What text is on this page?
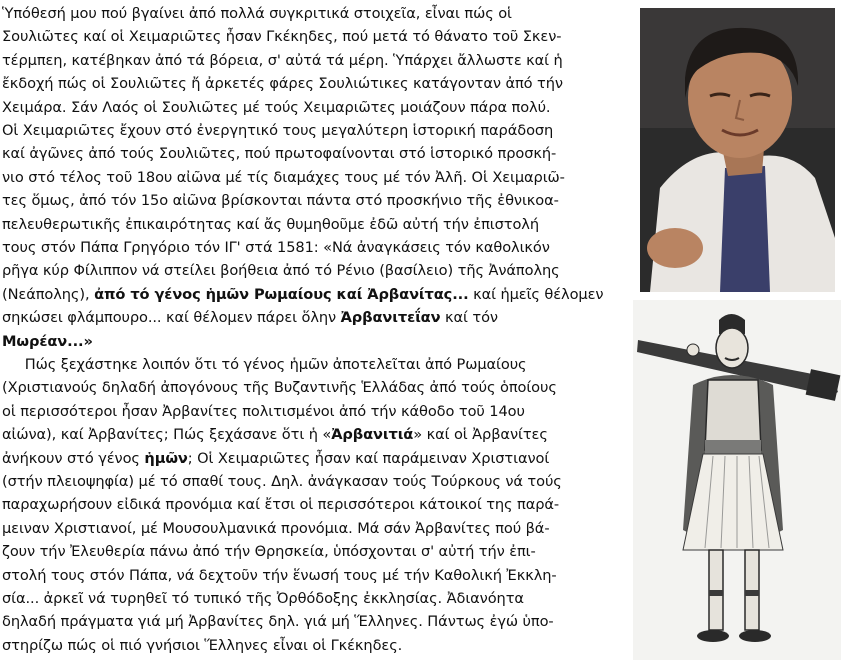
Ὑπόθεσή μου πού βγαίνει ἀπό πολλά συγκριτικά στοιχεῖα, εἶναι πώς οἱ
Σουλιῶτες καί οἱ Χειμαριῶτες ἦσαν Γκέκηδες, πού μετά τό θάνατο τοῦ Σκεν-
τέρμπεη, κατέβηκαν ἀπό τά βόρεια, σ' αὐτά τά μέρη. Ὑπάρχει ἄλλωστε καί ἡ
ἔκδοχή πώς οἱ Σουλιῶτες ἤ ἀρκετές φάρες Σουλιώτικες κατάγονταν ἀπό τήν
Χειμάρα. Σάν Λαός οἱ Σουλιῶτες μέ τούς Χειμαριῶτες μοιάζουν πάρα πολύ.
Οἱ Χειμαριῶτες ἔχουν στό ἐνεργητικό τους μεγαλύτερη ἱστορική παράδοση
καί ἀγῶνες ἀπό τούς Σουλιῶτες, πού πρωτοφαίνονται στό ἱστορικό προσκή-
νιο στό τέλος τοῦ 18ου αἰῶνα μέ τίς διαμάχες τους μέ τόν Ἀλῆ. Οἱ Χειμαριῶ-
τες ὅμως, ἀπό τόν 15ο αἰῶνα βρίσκονται πάντα στό προσκήνιο τῆς ἐθνικοα-
πελευθερωτικῆς ἐπικαιρότητας καί ἄς θυμηθοῦμε ἐδῶ αὐτή τήν ἐπιστολή
τους στόν Πάπα Γρηγόριο τόν ΙΓ' στά 1581: «Νά ἀναγκάσεις τόν καθολικόν
ρῆγα κύρ Φίλιππον νά στείλει βοήθεια ἀπό τό Ρένιο (βασίλειο) τῆς Ἀνάπολης
(Νεάπολης), ἀπό τό γένος ἡμῶν Ρωμαίους καί Ἀρβανίτας... καί ἡμεῖς θέλομεν
σηκώσει φλάμπουρο... καί θέλομεν πάρει ὅλην Ἀρβανιτεΐαν καί τόν
Μωρέαν...»
Πώς ξεχάστηκε λοιπόν ὅτι τό γένος ἡμῶν ἀποτελεῖται ἀπό Ρωμαίους
(Χριστιανούς δηλαδή ἀπογόνους τῆς Βυζαντινῆς Ἑλλάδας ἀπό τούς ὁποίους
οἱ περισσότεροι ἦσαν Ἀρβανίτες πολιτισμένοι ἀπό τήν κάθοδο τοῦ 14ου
αἰώνα), καί Ἀρβανίτες; Πώς ξεχάσανε ὅτι ἡ «Ἀρβανιτιά» καί οἱ Ἀρβανίτες
ἀνήκουν στό γένος ἡμῶν; Οἱ Χειμαριῶτες ἦσαν καί παράμειναν Χριστιανοί
(στήν πλειοψηφία) μέ τό σπαθί τους. Δηλ. ἀνάγκασαν τούς Τούρκους νά τούς
παραχωρήσουν εἰδικά προνόμια καί ἔτσι οἱ περισσότεροι κάτοικοί της παρά-
μειναν Χριστιανοί, μέ Μουσουλμανικά προνόμια. Μά σάν Ἀρβανίτες πού βά-
ζουν τήν Ἐλευθερία πάνω ἀπό τήν Θρησκεία, ὑπόσχονται σ' αὐτή τήν ἐπι-
στολή τους στόν Πάπα, νά δεχτοῦν τήν ἕνωσή τους μέ τήν Καθολική Ἐκκλη-
σία... ἀρκεῖ νά τυρηθεῖ τό τυπικό τῆς Ὀρθόδοξης ἐκκλησίας. Ἀδιανόητα
δηλαδή πράγματα γιά μή Ἀρβανίτες δηλ. γιά μή Ἕλληνες. Πάντως ἐγώ ὑπο-
στηρίζω πώς οἱ πιό γνήσιοι Ἕλληνες εἶναι οἱ Γκέκηδες.
